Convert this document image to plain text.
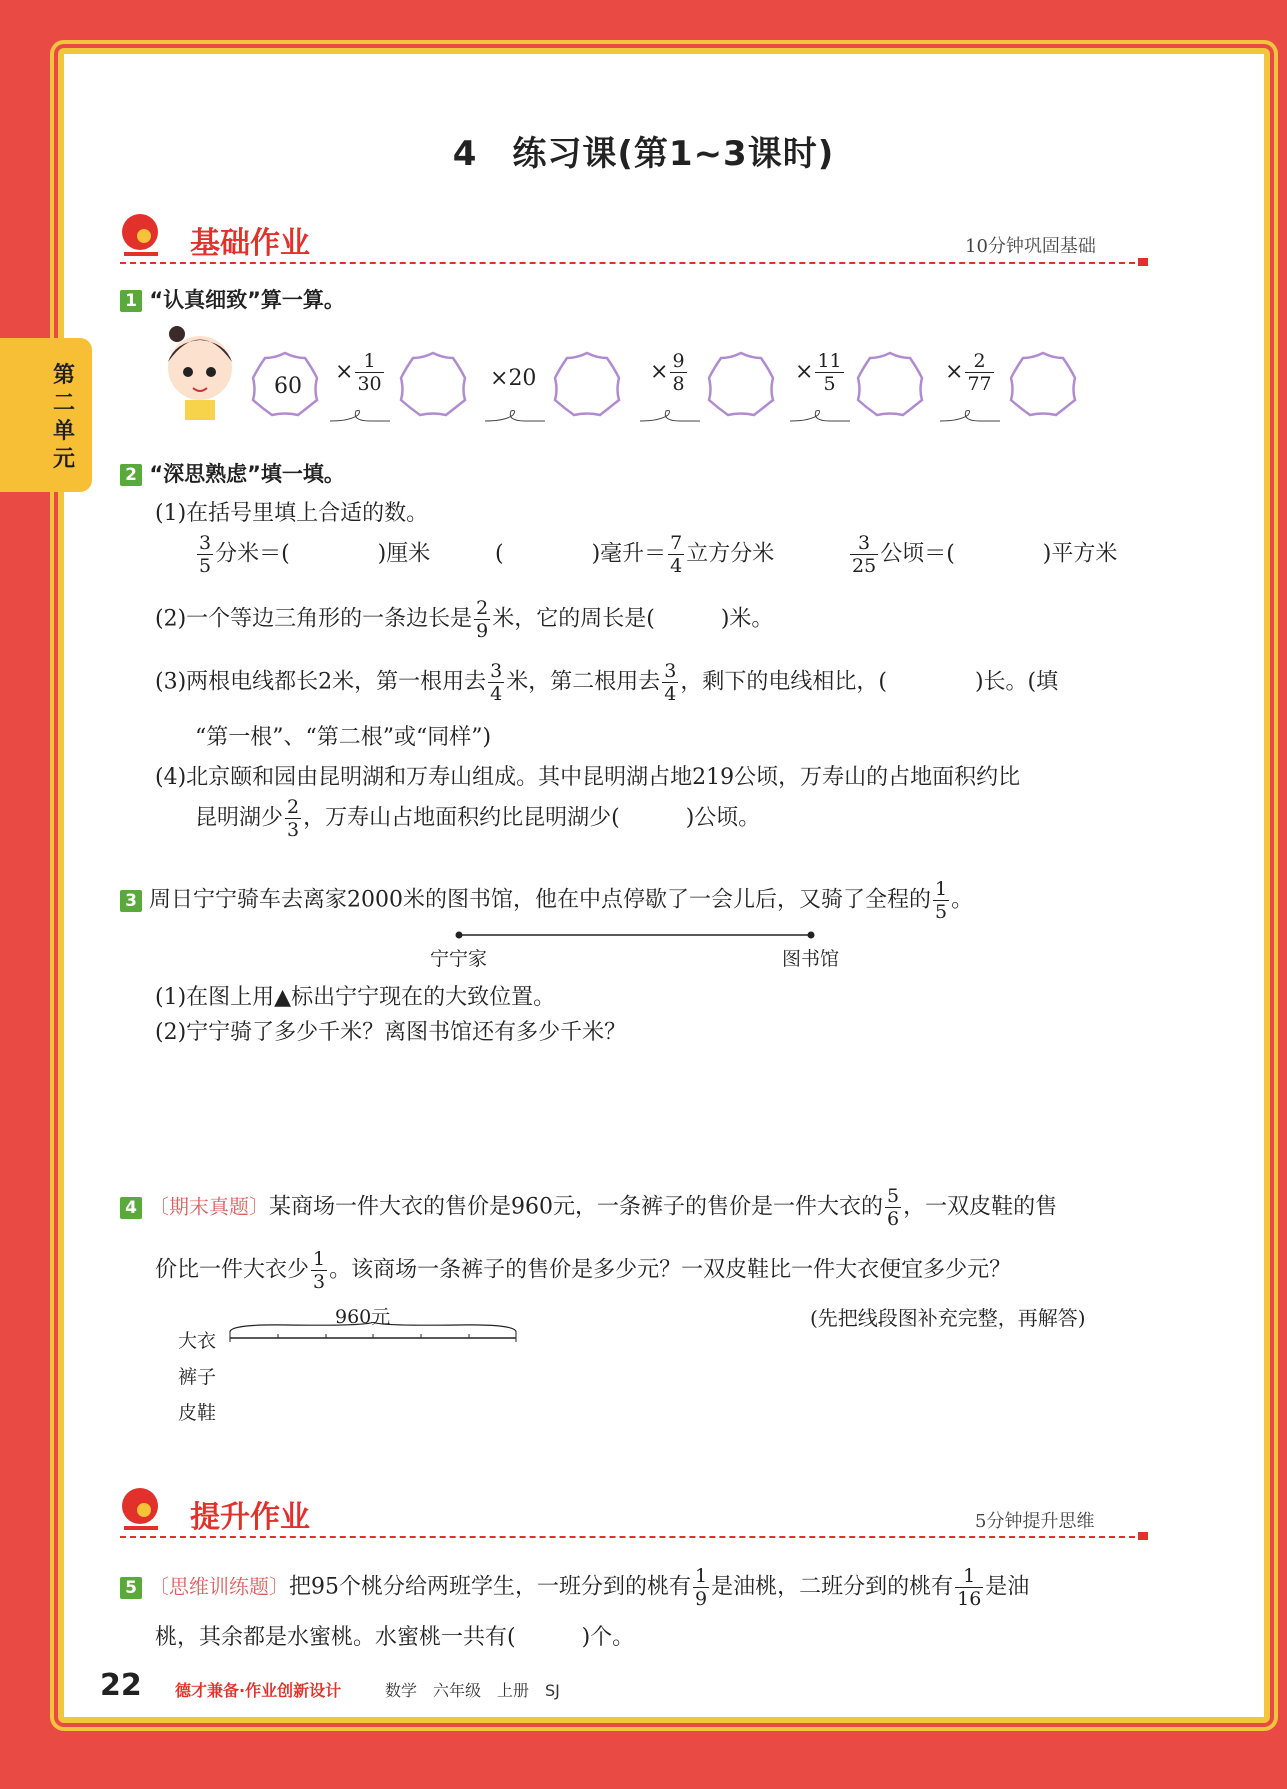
第二单元
4　练习课(第1~3课时)
基础作业	10分钟巩固基础
1 “认真细致”算一算。
60
× $\frac{1}{30}$	×20	× $\frac{9}{8}$	× $\frac{11}{5}$	× $\frac{2}{77}$
2 “深思熟虑”填一填。
(1)在括号里填上合适的数。
$\frac{3}{5}$ 分米＝(　　　　)厘米	(　　　　)毫升＝ $\frac{7}{4}$ 立方分米	$\frac{3}{25}$ 公顷＝(　　　　)平方米
(2)一个等边三角形的一条边长是 $\frac{2}{9}$ 米，它的周长是(　　　)米。
(3)两根电线都长2米，第一根用去 $\frac{3}{4}$ 米，第二根用去 $\frac{3}{4}$ ，剩下的电线相比，(　　　　)长。(填
“第一根”、“第二根”或“同样”)
(4)北京颐和园由昆明湖和万寿山组成。其中昆明湖占地219公顷，万寿山的占地面积约比
昆明湖少 $\frac{2}{3}$ ，万寿山占地面积约比昆明湖少(　　　)公顷。
3 周日宁宁骑车去离家2000米的图书馆，他在中点停歇了一会儿后，又骑了全程的 $\frac{1}{5}$ 。
宁宁家	图书馆
(1)在图上用▲标出宁宁现在的大致位置。
(2)宁宁骑了多少千米？离图书馆还有多少千米？
4 〔期末真题〕某商场一件大衣的售价是960元，一条裤子的售价是一件大衣的 $\frac{5}{6}$ ，一双皮鞋的售
价比一件大衣少 $\frac{1}{3}$ 。该商场一条裤子的售价是多少元？一双皮鞋比一件大衣便宜多少元？
(先把线段图补充完整，再解答)
960元
大衣
裤子
皮鞋
提升作业	5分钟提升思维
5 〔思维训练题〕把95个桃分给两班学生，一班分到的桃有 $\frac{1}{9}$ 是油桃，二班分到的桃有 $\frac{1}{16}$ 是油
桃，其余都是水蜜桃。水蜜桃一共有(　　　)个。
22 德才兼备·作业创新设计	数学　六年级　上册　SJ
